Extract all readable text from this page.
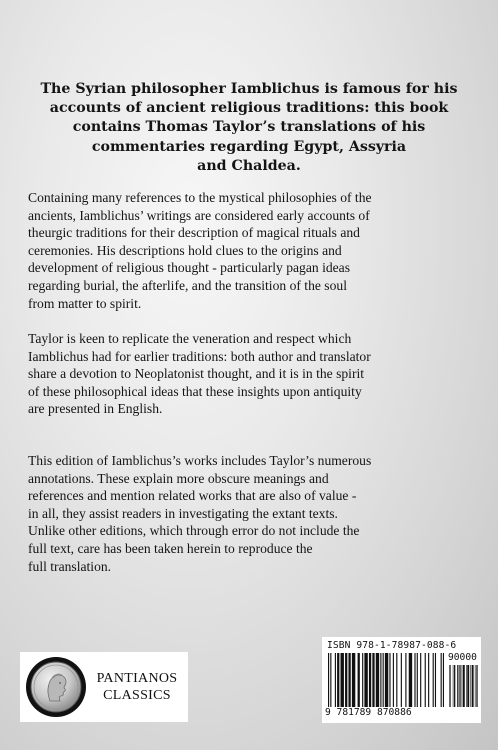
The Syrian philosopher Iamblichus is famous for his
accounts of ancient religious traditions: this book
contains Thomas Taylor’s translations of his
commentaries regarding Egypt, Assyria
and Chaldea.
Containing many references to the mystical philosophies of the
ancients, Iamblichus’ writings are considered early accounts of
theurgic traditions for their description of magical rituals and
ceremonies. His descriptions hold clues to the origins and
development of religious thought - particularly pagan ideas
regarding burial, the afterlife, and the transition of the soul
from matter to spirit.
Taylor is keen to replicate the veneration and respect which
Iamblichus had for earlier traditions: both author and translator
share a devotion to Neoplatonist thought, and it is in the spirit
of these philosophical ideas that these insights upon antiquity
are presented in English.
This edition of Iamblichus’s works includes Taylor’s numerous
annotations. These explain more obscure meanings and
references and mention related works that are also of value -
in all, they assist readers in investigating the extant texts.
Unlike other editions, which through error do not include the
full text, care has been taken herein to reproduce the
full translation.
PANTIANOS
CLASSICS
ISBN 978-1-78987-088-6
90000
9 781789 870886
